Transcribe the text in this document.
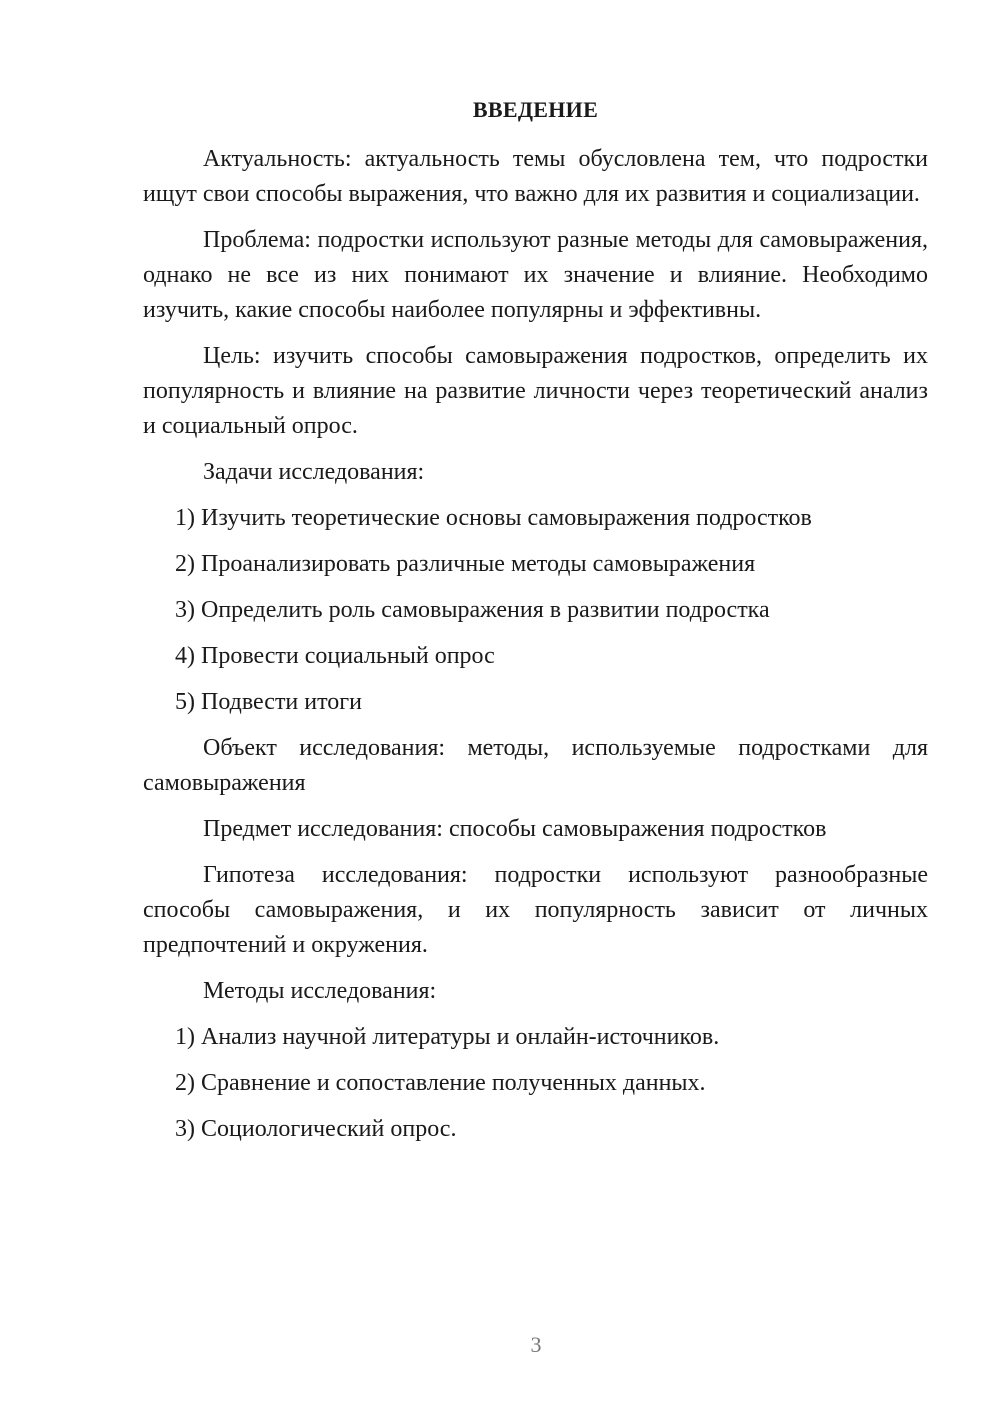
ВВЕДЕНИЕ

Актуальность: актуальность темы обусловлена тем, что подростки ищут свои способы выражения, что важно для их развития и социализации.

Проблема: подростки используют разные методы для самовыражения, однако не все из них понимают их значение и влияние. Необходимо изучить, какие способы наиболее популярны и эффективны.

Цель: изучить способы самовыражения подростков, определить их популярность и влияние на развитие личности через теоретический анализ и социальный опрос.

Задачи исследования:

1) Изучить теоретические основы самовыражения подростков

2) Проанализировать различные методы самовыражения

3) Определить роль самовыражения в развитии подростка

4) Провести социальный опрос

5) Подвести итоги

Объект исследования: методы, используемые подростками для самовыражения

Предмет исследования: способы самовыражения подростков

Гипотеза исследования: подростки используют разнообразные способы самовыражения, и их популярность зависит от личных предпочтений и окружения.

Методы исследования:

1) Анализ научной литературы и онлайн-источников.

2) Сравнение и сопоставление полученных данных.

3) Социологический опрос.

3
